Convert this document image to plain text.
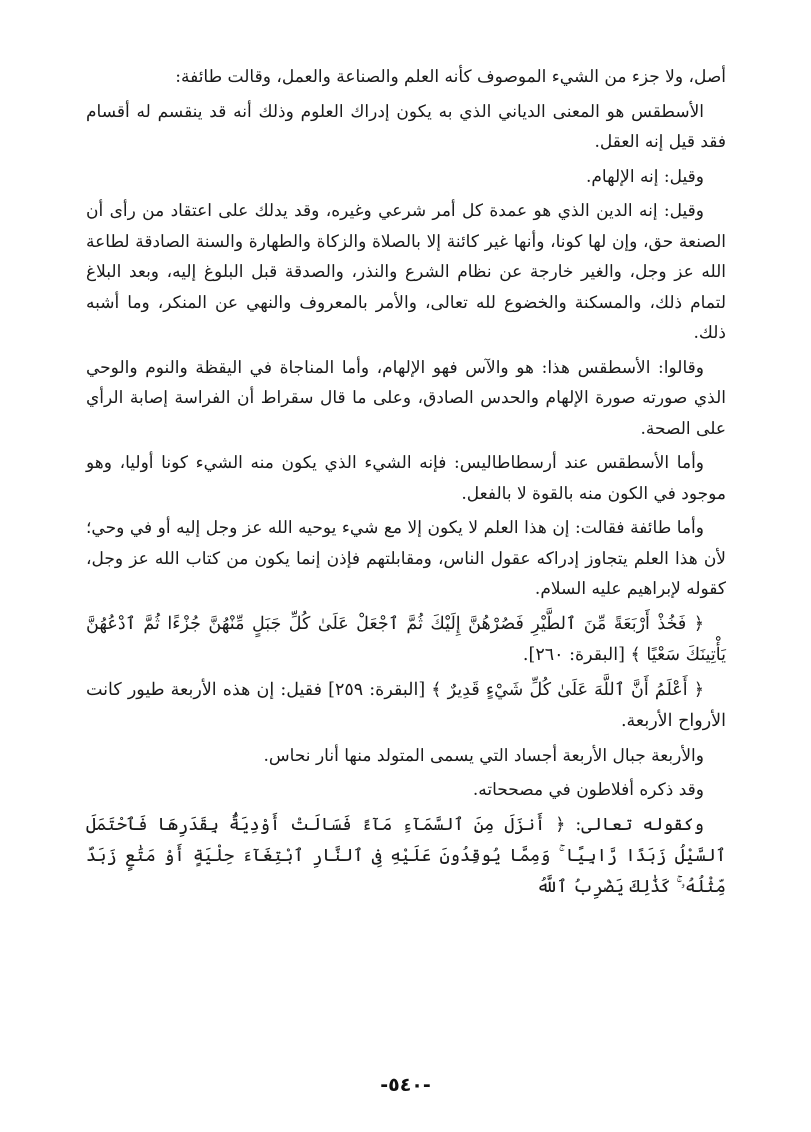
أصل، ولا جزء من الشيء الموصوف كأنه العلم والصناعة والعمل، وقالت طائفة:

الأسطقس هو المعنى الدياني الذي به يكون إدراك العلوم وذلك أنه قد ينقسم له أقسام فقد قيل إنه العقل.

وقيل: إنه الإلهام.

وقيل: إنه الدين الذي هو عمدة كل أمر شرعي وغيره، وقد يدلك على اعتقاد من رأى أن الصنعة حق، وإن لها كونا، وأنها غير كائنة إلا بالصلاة والزكاة والطهارة والسنة الصادقة لطاعة الله عز وجل، والغير خارجة عن نظام الشرع والنذر، والصدقة قبل البلوغ إليه، وبعد البلاغ لتمام ذلك، والمسكنة والخضوع لله تعالى، والأمر بالمعروف والنهي عن المنكر، وما أشبه ذلك.

وقالوا: الأسطقس هذا: هو والآس فهو الإلهام، وأما المناجاة في اليقظة والنوم والوحي الذي صورته صورة الإلهام والحدس الصادق، وعلى ما قال سقراط أن الفراسة إصابة الرأي على الصحة.

وأما الأسطقس عند أرسطاطاليس: فإنه الشيء الذي يكون منه الشيء كونا أوليا، وهو موجود في الكون منه بالقوة لا بالفعل.

وأما طائفة فقالت: إن هذا العلم لا يكون إلا مع شيء يوحيه الله عز وجل إليه أو في وحي؛ لأن هذا العلم يتجاوز إدراكه عقول الناس، ومقابلتهم فإذن إنما يكون من كتاب الله عز وجل، كقوله لإبراهيم عليه السلام.

﴿ فَخُذْ أَرْبَعَةً مِّنَ ٱلطَّيْرِ فَصُرْهُنَّ إِلَيْكَ ثُمَّ ٱجْعَلْ عَلَىٰ كُلِّ جَبَلٍ مِّنْهُنَّ جُزْءًا ثُمَّ ٱدْعُهُنَّ يَأْتِينَكَ سَعْيًا ﴾ [البقرة: ٢٦٠].

﴿ أَعْلَمُ أَنَّ ٱللَّهَ عَلَىٰ كُلِّ شَيْءٍ قَدِيرٌ ﴾ [البقرة: ٢٥٩] فقيل: إن هذه الأربعة طيور كانت الأرواح الأربعة.

والأربعة جبال الأربعة أجساد التي يسمى المتولد منها أنار نحاس.

وقد ذكره أفلاطون في مصححاته.

وكقوله تعالى: ﴿ أَنزَلَ مِنَ ٱلسَّمَآءِ مَآءً فَسَالَتْ أَوْدِيَةٌۢ بِقَدَرِهَا فَٱحْتَمَلَ ٱلسَّيْلُ زَبَدًا رَّابِيًا ۚ وَمِمَّا يُوقِدُونَ عَلَيْهِ فِى ٱلنَّارِ ٱبْتِغَآءَ حِلْيَةٍ أَوْ مَتَٰعٍ زَبَدٌ مِّثْلُهُۥ ۚ كَذَٰلِكَ يَضْرِبُ ٱللَّهُ

-٥٤٠-
